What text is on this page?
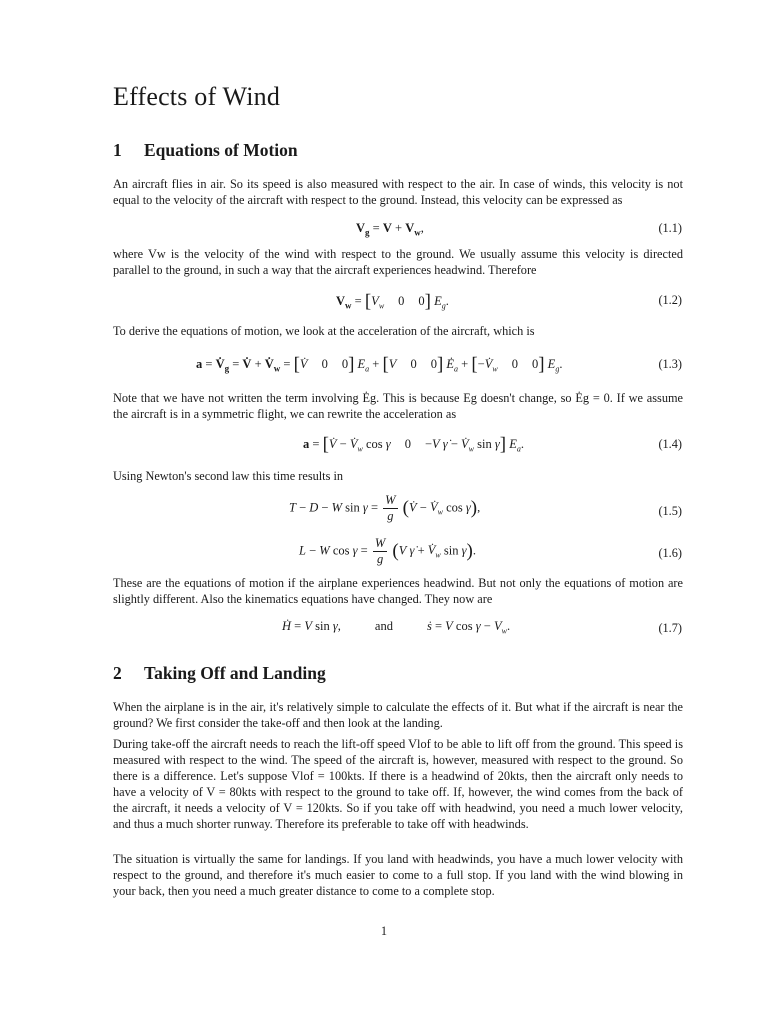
Effects of Wind
1 Equations of Motion

An aircraft flies in air. So its speed is also measured with respect to the air. In case of winds, this velocity is not equal to the velocity of the aircraft with respect to the ground. Instead, this velocity can be expressed as

$V_g = V + V_w$,	(1.1)

where Vw is the velocity of the wind with respect to the ground. We usually assume this velocity is directed parallel to the ground, in such a way that the aircraft experiences headwind. Therefore

$V_w = [V_w$ 0 0] $E_g$.	(1.2)

To derive the equations of motion, we look at the acceleration of the aircraft, which is

$a = V̇_g$ = V̇ + $V̇_w$ = [V̇ 0 0] $E_a + [V$ 0 0] $Ė_a$ + [$-V̇_w$ 0 0] $E_g$.	(1.3)

Note that we have not written the term involving Ėg. This is because Eg doesn't change, so Ėg = 0. If we assume the aircraft is in a symmetric flight, we can rewrite the acceleration as

a = [V̇ − $V̇_w$ cos γ 0 −V γ̇ − $V̇_w$ sin γ] $E_a$.	(1.4)

Using Newton's second law this time results in

T − D − W $\sin \gamma = \frac{W}{g}$ (V̇ − $V̇_w$ cos γ),	(1.5)
L − W $\cos \gamma = \frac{W}{g} (V$ γ̇ + $V̇_w$ sin γ).	(1.6)

These are the equations of motion if the airplane experiences headwind. But not only the equations of motion are slightly different. Also the kinematics equations have changed. They now are

Ḣ = V sin γ,	and	ṡ = V $\cos \gamma - V_w$.	(1.7)
2 Taking Off and Landing

When the airplane is in the air, it's relatively simple to calculate the effects of it. But what if the aircraft is near the ground? We first consider the take-off and then look at the landing.

During take-off the aircraft needs to reach the lift-off speed Vlof to be able to lift off from the ground. This speed is measured with respect to the wind. The speed of the aircraft is, however, measured with respect to the ground. So there is a difference. Let's suppose Vlof = 100kts. If there is a headwind of 20kts, then the aircraft only needs to have a velocity of V = 80kts with respect to the ground to take off. If, however, the wind comes from the back of the aircraft, it needs a velocity of V = 120kts. So if you take off with headwind, you need a much lower velocity, and thus a much shorter runway. Therefore its preferable to take off with headwinds.

The situation is virtually the same for landings. If you land with headwinds, you have a much lower velocity with respect to the ground, and therefore it's much easier to come to a full stop. If you land with the wind blowing in your back, then you need a much greater distance to come to a complete stop.

1
